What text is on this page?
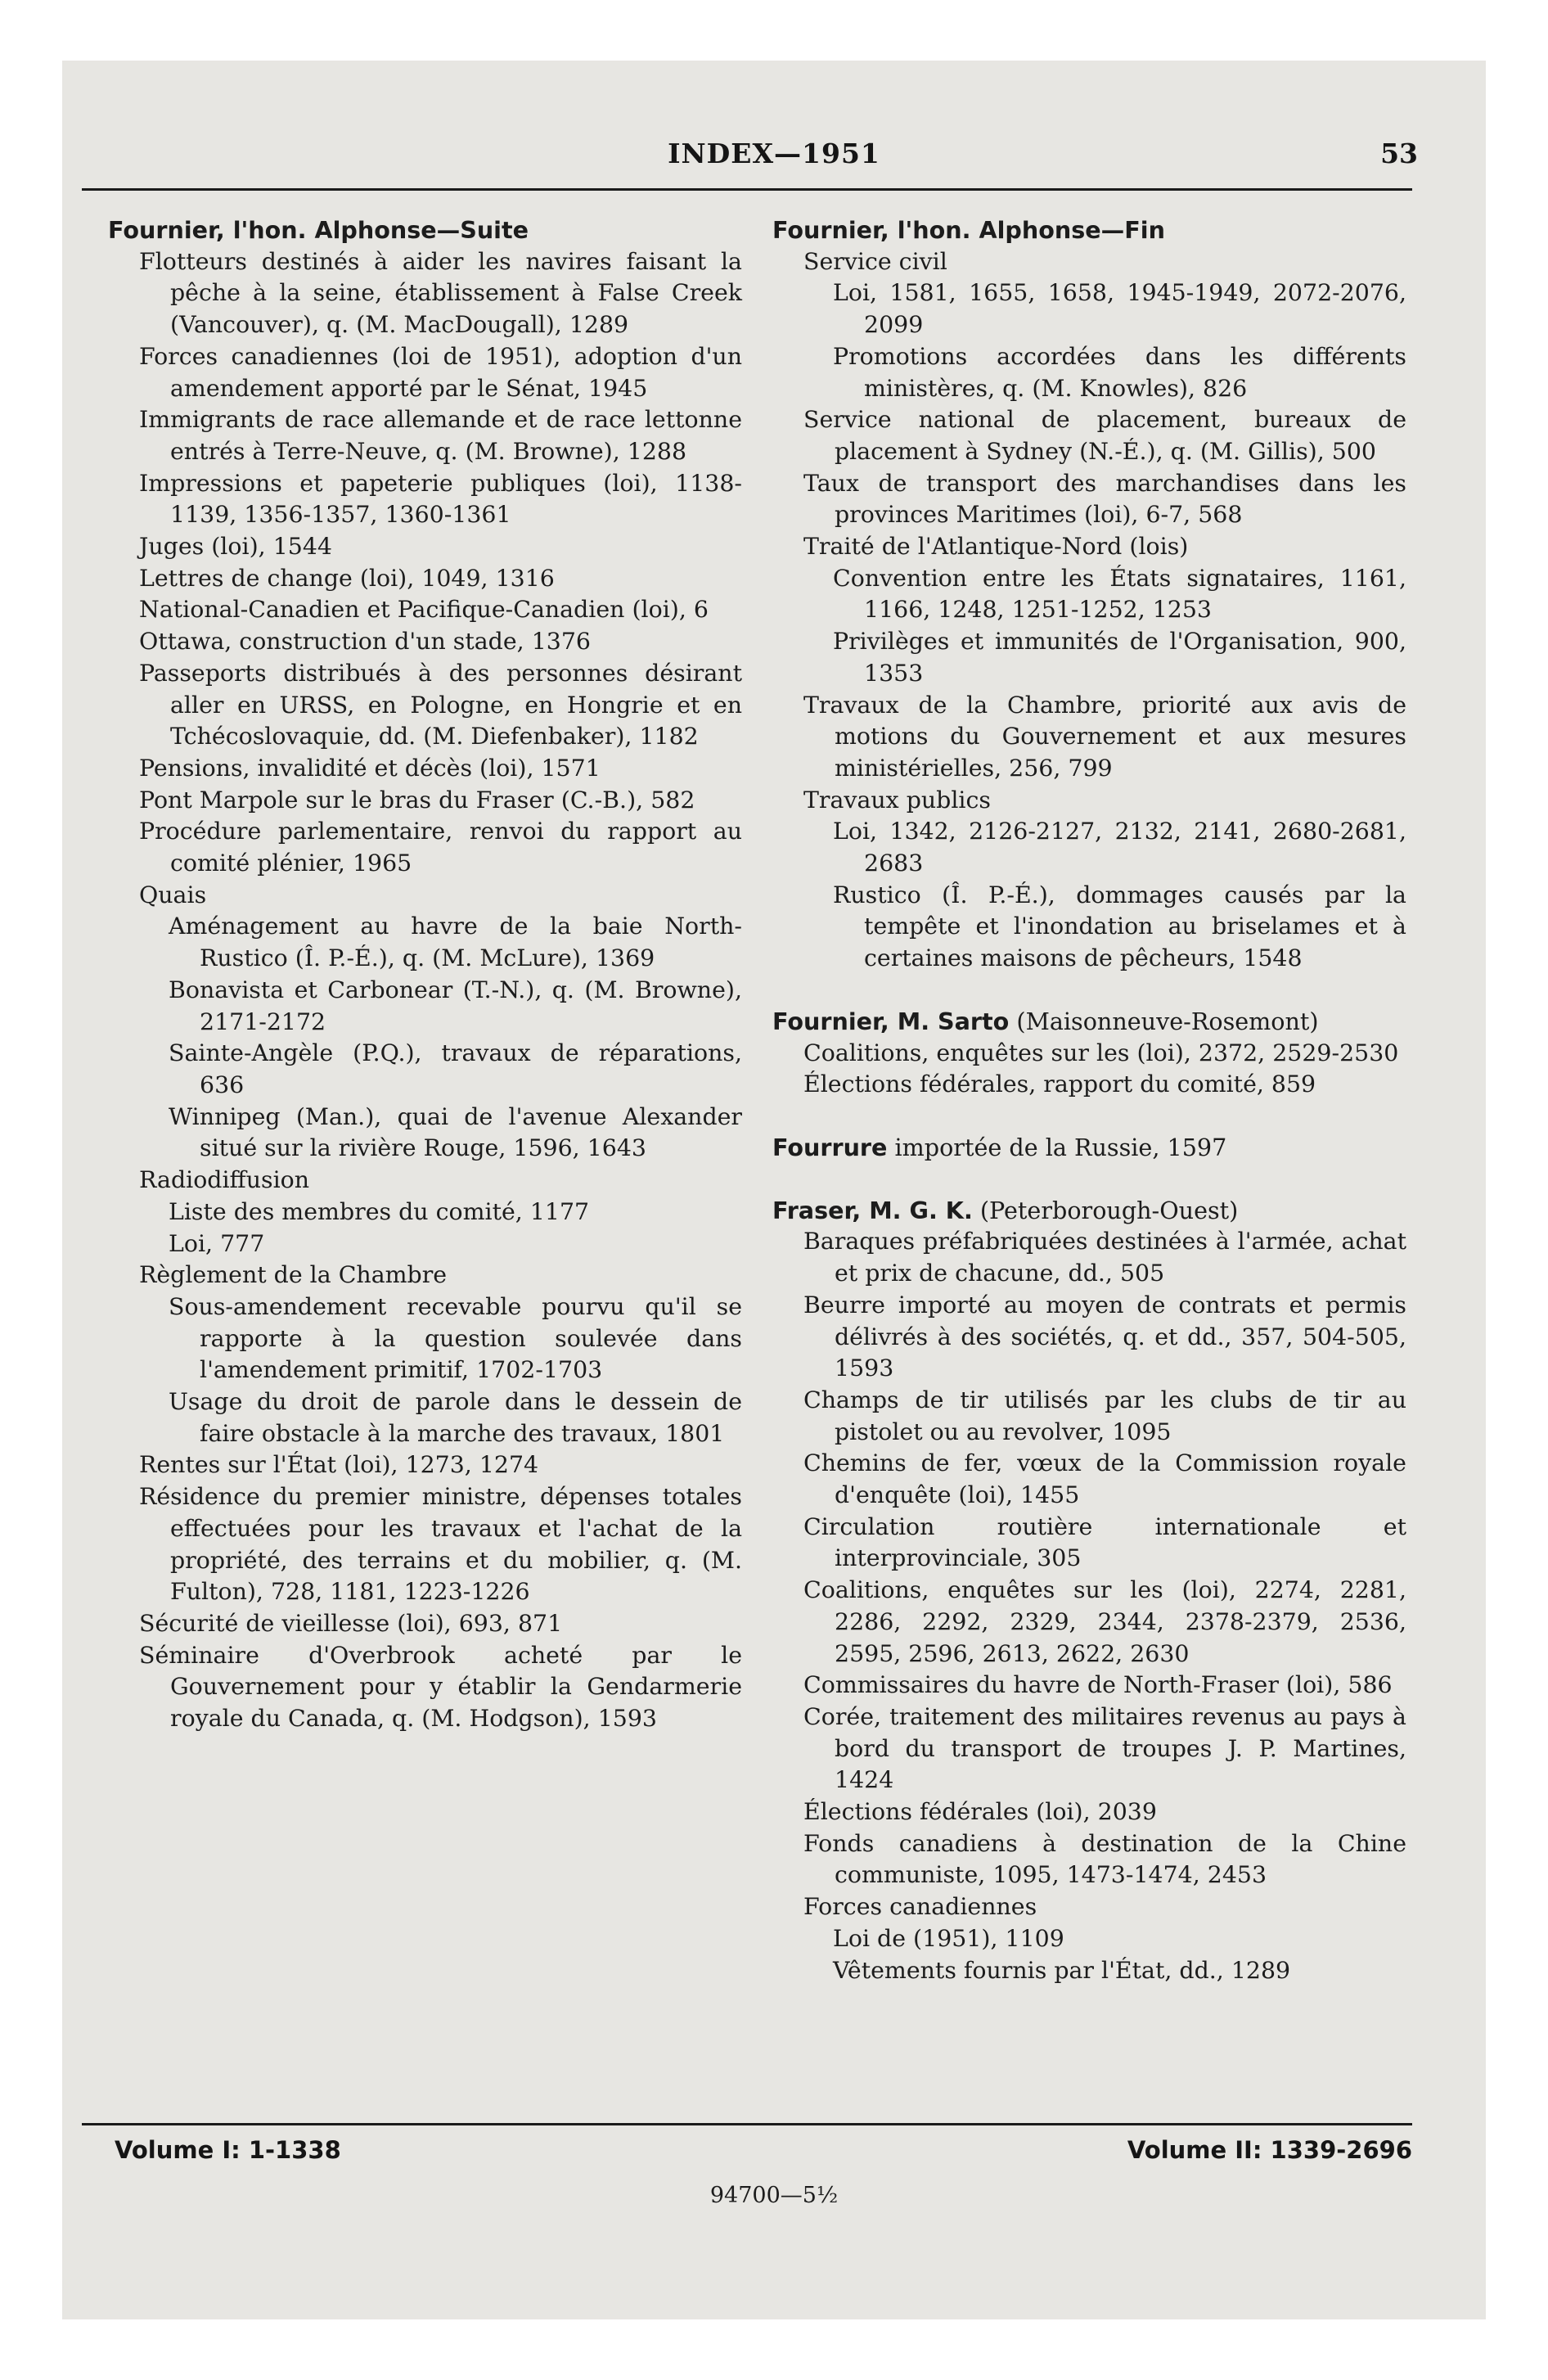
INDEX—1951	53

Fournier, l'hon. Alphonse—Suite

Flotteurs destinés à aider les navires faisant la pêche à la seine, établissement à False Creek (Vancouver), q. (M. MacDougall), 1289

Forces canadiennes (loi de 1951), adoption d'un amendement apporté par le Sénat, 1945

Immigrants de race allemande et de race lettonne entrés à Terre-Neuve, q. (M. Browne), 1288

Impressions et papeterie publiques (loi), 1138-1139, 1356-1357, 1360-1361

Juges (loi), 1544

Lettres de change (loi), 1049, 1316

National-Canadien et Pacifique-Canadien (loi), 6

Ottawa, construction d'un stade, 1376

Passeports distribués à des personnes désirant aller en URSS, en Pologne, en Hongrie et en Tchécoslovaquie, dd. (M. Diefenbaker), 1182

Pensions, invalidité et décès (loi), 1571

Pont Marpole sur le bras du Fraser (C.-B.), 582

Procédure parlementaire, renvoi du rapport au comité plénier, 1965

Quais

Aménagement au havre de la baie North-Rustico (Î. P.-É.), q. (M. McLure), 1369

Bonavista et Carbonear (T.-N.), q. (M. Browne), 2171-2172

Sainte-Angèle (P.Q.), travaux de réparations, 636

Winnipeg (Man.), quai de l'avenue Alexander situé sur la rivière Rouge, 1596, 1643

Radiodiffusion

Liste des membres du comité, 1177

Loi, 777

Règlement de la Chambre

Sous-amendement recevable pourvu qu'il se rapporte à la question soulevée dans l'amendement primitif, 1702-1703

Usage du droit de parole dans le dessein de faire obstacle à la marche des travaux, 1801

Rentes sur l'État (loi), 1273, 1274

Résidence du premier ministre, dépenses totales effectuées pour les travaux et l'achat de la propriété, des terrains et du mobilier, q. (M. Fulton), 728, 1181, 1223-1226

Sécurité de vieillesse (loi), 693, 871

Séminaire d'Overbrook acheté par le Gouvernement pour y établir la Gendarmerie royale du Canada, q. (M. Hodgson), 1593

Fournier, l'hon. Alphonse—Fin

Service civil

Loi, 1581, 1655, 1658, 1945-1949, 2072-2076, 2099

Promotions accordées dans les différents ministères, q. (M. Knowles), 826

Service national de placement, bureaux de placement à Sydney (N.-É.), q. (M. Gillis), 500

Taux de transport des marchandises dans les provinces Maritimes (loi), 6-7, 568

Traité de l'Atlantique-Nord (lois)

Convention entre les États signataires, 1161, 1166, 1248, 1251-1252, 1253

Privilèges et immunités de l'Organisation, 900, 1353

Travaux de la Chambre, priorité aux avis de motions du Gouvernement et aux mesures ministérielles, 256, 799

Travaux publics

Loi, 1342, 2126-2127, 2132, 2141, 2680-2681, 2683

Rustico (Î. P.-É.), dommages causés par la tempête et l'inondation au briselames et à certaines maisons de pêcheurs, 1548

Fournier, M. Sarto (Maisonneuve-Rosemont)

Coalitions, enquêtes sur les (loi), 2372, 2529-2530

Élections fédérales, rapport du comité, 859

Fourrure importée de la Russie, 1597

Fraser, M. G. K. (Peterborough-Ouest)

Baraques préfabriquées destinées à l'armée, achat et prix de chacune, dd., 505

Beurre importé au moyen de contrats et permis délivrés à des sociétés, q. et dd., 357, 504-505, 1593

Champs de tir utilisés par les clubs de tir au pistolet ou au revolver, 1095

Chemins de fer, vœux de la Commission royale d'enquête (loi), 1455

Circulation routière internationale et interprovinciale, 305

Coalitions, enquêtes sur les (loi), 2274, 2281, 2286, 2292, 2329, 2344, 2378-2379, 2536, 2595, 2596, 2613, 2622, 2630

Commissaires du havre de North-Fraser (loi), 586

Corée, traitement des militaires revenus au pays à bord du transport de troupes J. P. Martines, 1424

Élections fédérales (loi), 2039

Fonds canadiens à destination de la Chine communiste, 1095, 1473-1474, 2453

Forces canadiennes

Loi de (1951), 1109

Vêtements fournis par l'État, dd., 1289

Volume I: 1-1338	Volume II: 1339-2696
94700—5½
